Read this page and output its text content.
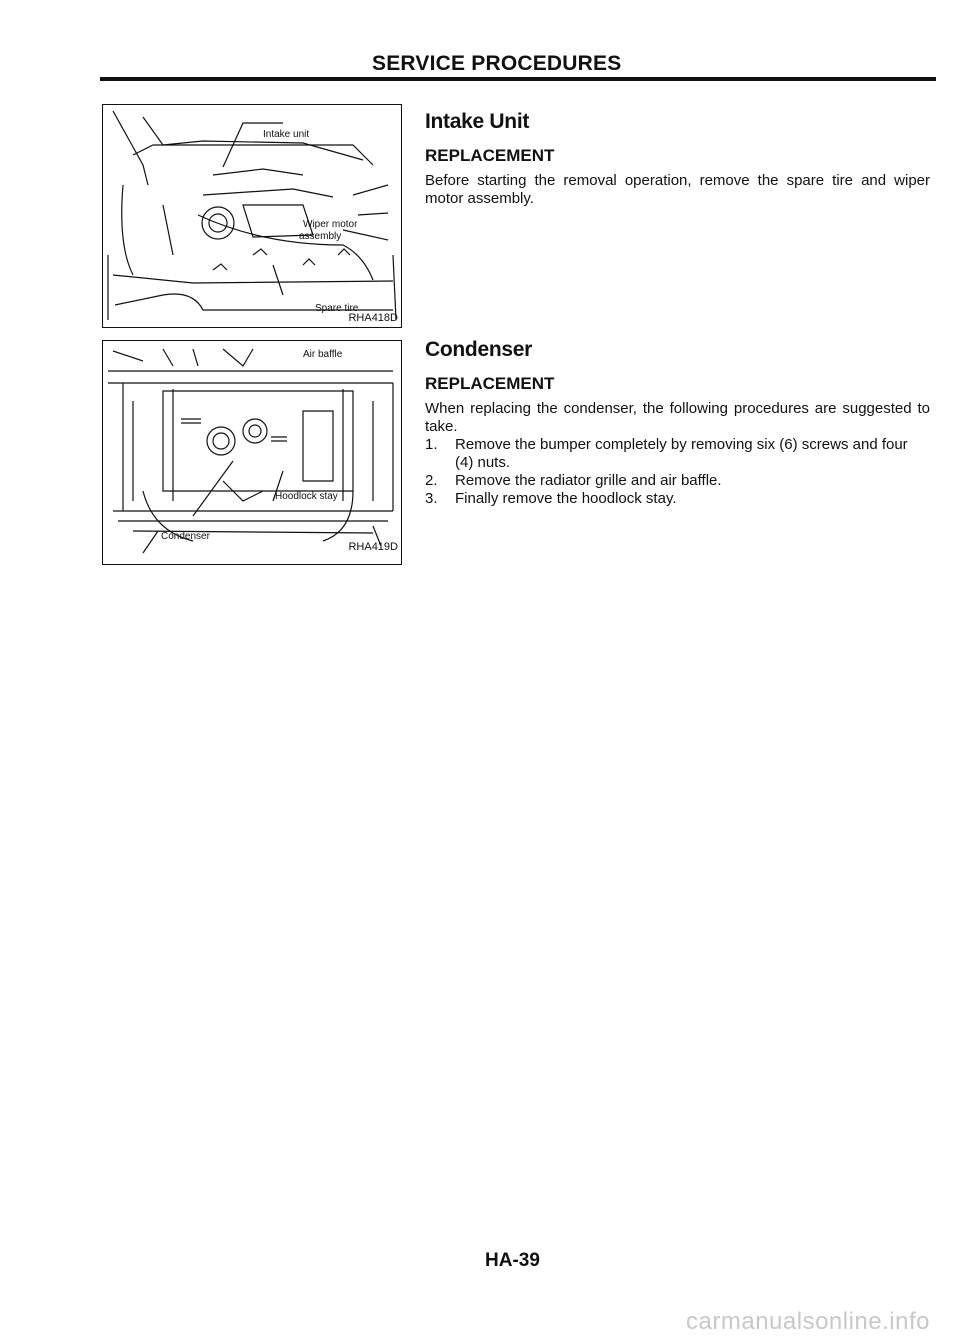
SERVICE PROCEDURES
Intake unit
Wiper motor
assembly
Spare tire
RHA418D
Air baffle
Hoodlock stay
Condenser
RHA419D
Intake Unit
REPLACEMENT

Before starting the removal operation, remove the spare tire and wiper motor assembly.

Condenser
REPLACEMENT

When replacing the condenser, the following procedures are suggested to take.

1.	Remove the bumper completely by removing six (6) screws and four (4) nuts.
2.	Remove the radiator grille and air baffle.
3.	Finally remove the hoodlock stay.
HA-39
carmanualsonline.info
